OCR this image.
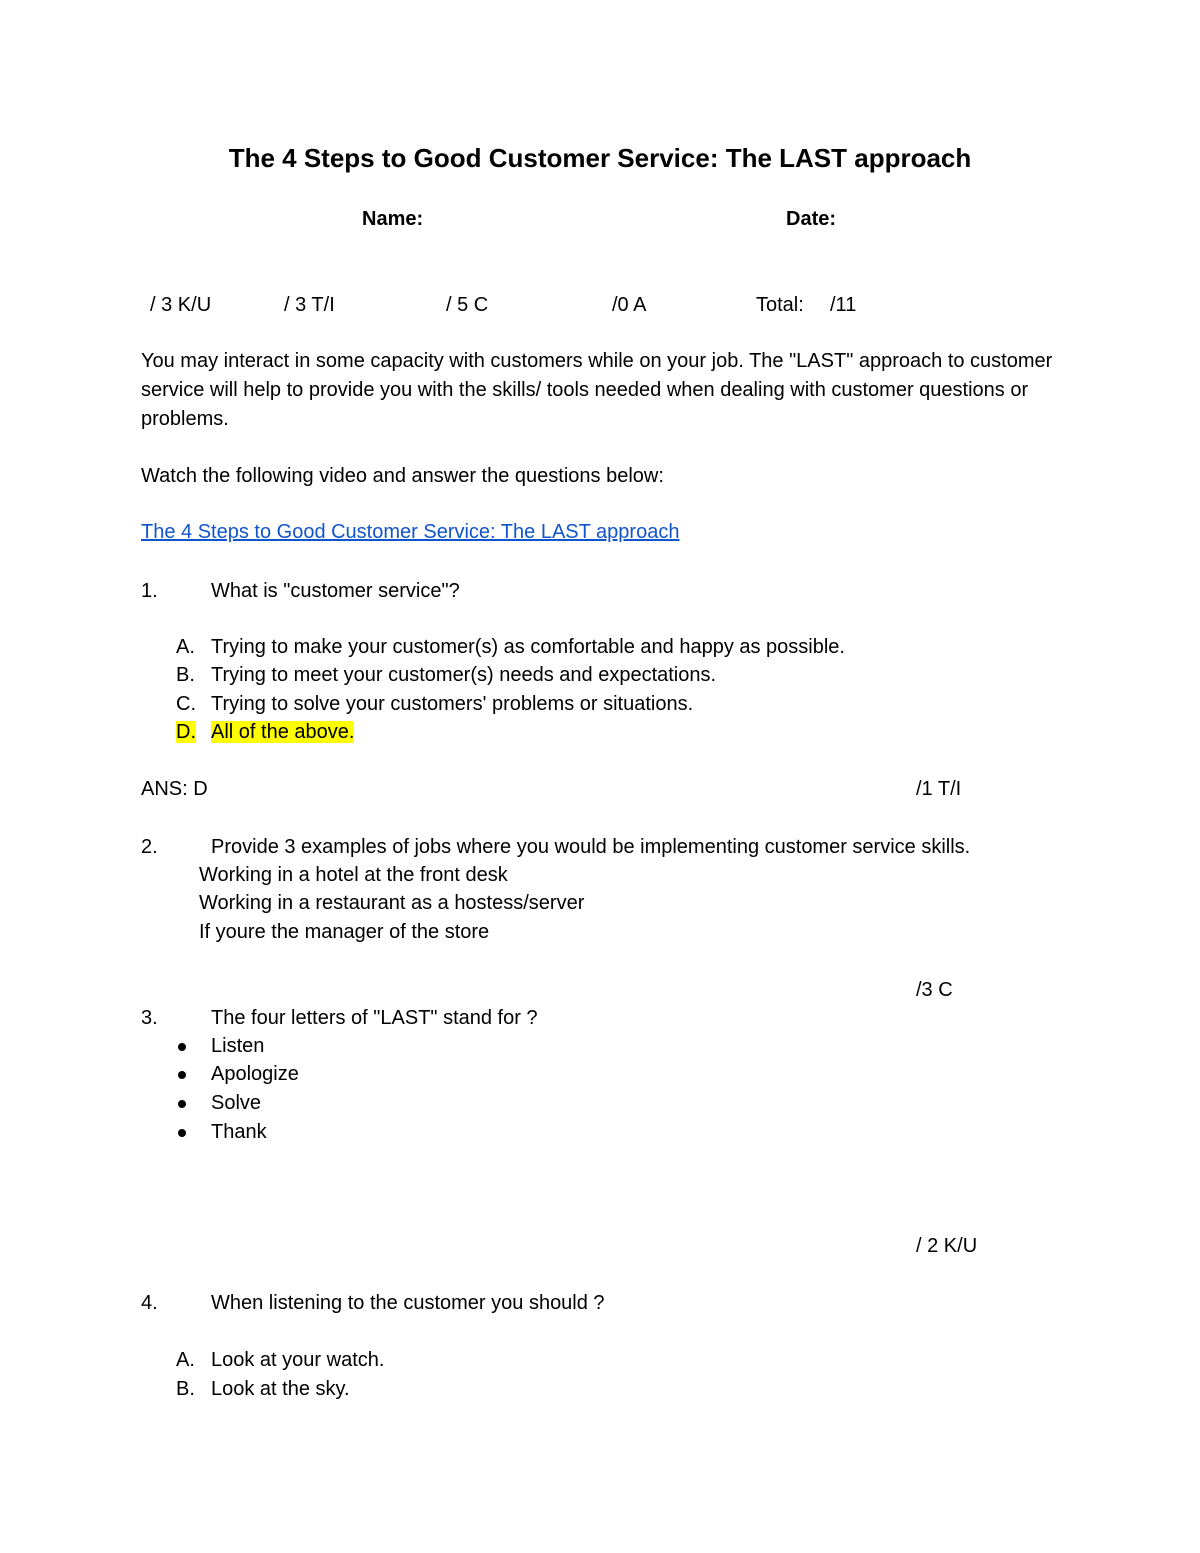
The 4 Steps to Good Customer Service: The LAST approach
Name:	Date:
/ 3 K/U	/ 3 T/I	/ 5 C	/0 A	Total: /11
You may interact in some capacity with customers while on your job. The "LAST" approach to customer service will help to provide you with the skills/ tools needed when dealing with customer questions or problems.
Watch the following video and answer the questions below:
The 4 Steps to Good Customer Service: The LAST approach
1.	What is "customer service"?
A. Trying to make your customer(s) as comfortable and happy as possible.
B. Trying to meet your customer(s) needs and expectations.
C. Trying to solve your customers' problems or situations.
D. All of the above.
ANS: D	/1 T/I
2.	Provide 3 examples of jobs where you would be implementing customer service skills.
Working in a hotel at the front desk
Working in a restaurant as a hostess/server
If youre the manager of the store
/3 C
3.	The four letters of "LAST" stand for ?
Listen
Apologize
Solve
Thank
/ 2 K/U
4.	When listening to the customer you should ?
A. Look at your watch.
B. Look at the sky.
